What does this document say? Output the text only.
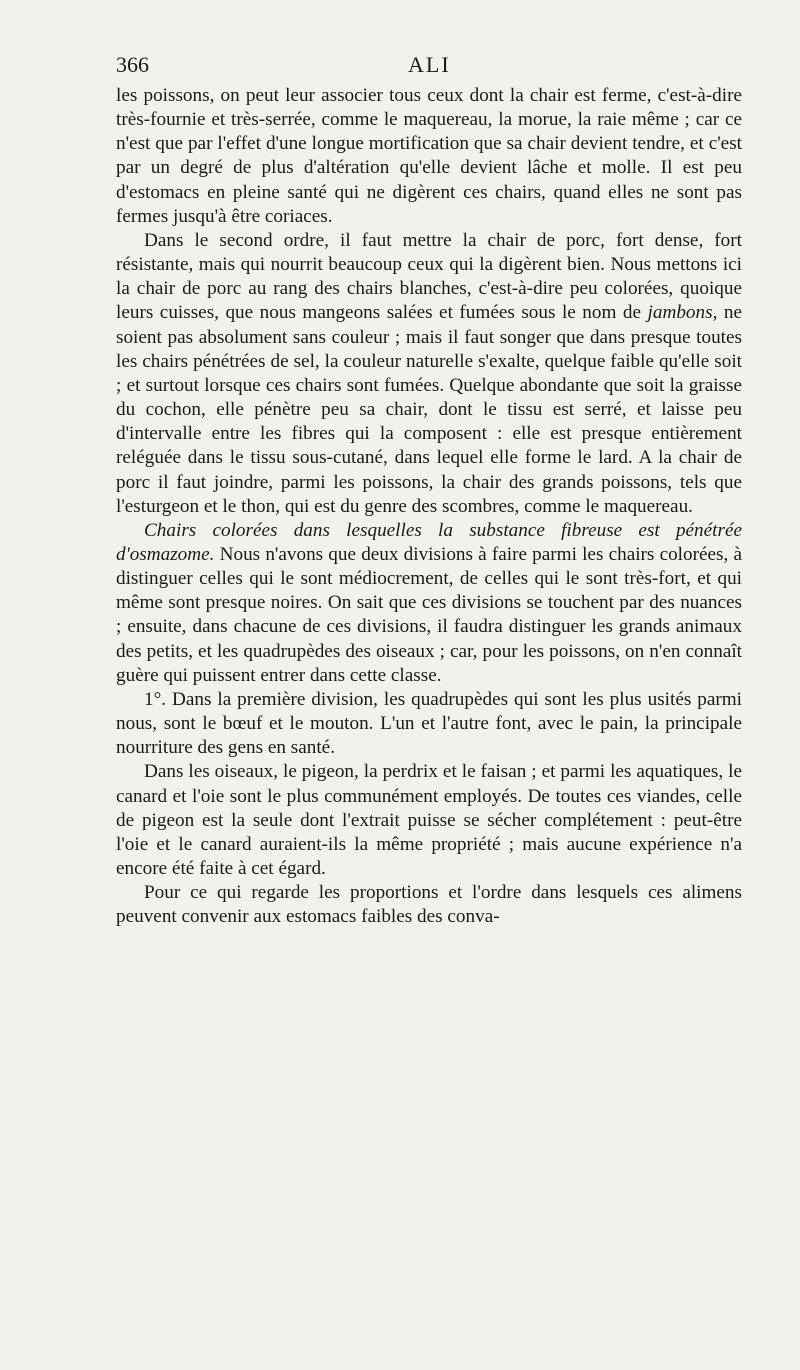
366	ALI

les poissons, on peut leur associer tous ceux dont la chair est ferme, c'est-à-dire très-fournie et très-serrée, comme le maquereau, la morue, la raie même ; car ce n'est que par l'effet d'une longue mortification que sa chair devient tendre, et c'est par un degré de plus d'altération qu'elle devient lâche et molle. Il est peu d'estomacs en pleine santé qui ne digèrent ces chairs, quand elles ne sont pas fermes jusqu'à être coriaces.

Dans le second ordre, il faut mettre la chair de porc, fort dense, fort résistante, mais qui nourrit beaucoup ceux qui la digèrent bien. Nous mettons ici la chair de porc au rang des chairs blanches, c'est-à-dire peu colorées, quoique leurs cuisses, que nous mangeons salées et fumées sous le nom de jambons, ne soient pas absolument sans couleur ; mais il faut songer que dans presque toutes les chairs pénétrées de sel, la couleur naturelle s'exalte, quelque faible qu'elle soit ; et surtout lorsque ces chairs sont fumées. Quelque abondante que soit la graisse du cochon, elle pénètre peu sa chair, dont le tissu est serré, et laisse peu d'intervalle entre les fibres qui la composent : elle est presque entièrement reléguée dans le tissu sous-cutané, dans lequel elle forme le lard. A la chair de porc il faut joindre, parmi les poissons, la chair des grands poissons, tels que l'esturgeon et le thon, qui est du genre des scombres, comme le maquereau.

Chairs colorées dans lesquelles la substance fibreuse est pénétrée d'osmazome. Nous n'avons que deux divisions à faire parmi les chairs colorées, à distinguer celles qui le sont médiocrement, de celles qui le sont très-fort, et qui même sont presque noires. On sait que ces divisions se touchent par des nuances ; ensuite, dans chacune de ces divisions, il faudra distinguer les grands animaux des petits, et les quadrupèdes des oiseaux ; car, pour les poissons, on n'en connaît guère qui puissent entrer dans cette classe.

1°. Dans la première division, les quadrupèdes qui sont les plus usités parmi nous, sont le bœuf et le mouton. L'un et l'autre font, avec le pain, la principale nourriture des gens en santé.

Dans les oiseaux, le pigeon, la perdrix et le faisan ; et parmi les aquatiques, le canard et l'oie sont le plus communément employés. De toutes ces viandes, celle de pigeon est la seule dont l'extrait puisse se sécher complétement : peut-être l'oie et le canard auraient-ils la même propriété ; mais aucune expérience n'a encore été faite à cet égard.

Pour ce qui regarde les proportions et l'ordre dans lesquels ces alimens peuvent convenir aux estomacs faibles des conva-
